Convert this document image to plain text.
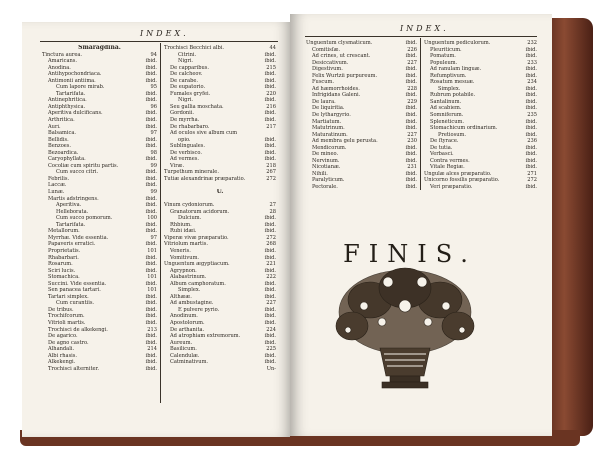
INDEX.
Smaragdina.
Tinctura aurea.	94
Amaricans.	ibid.
Anodina.	ibid.
Antihypochondriaca.	ibid.
Antimonii antiima.	ibid.
Cum lapore mirab.	95
Tartarifata.	ibid.
Antinephritica.	ibid.
Antiphthysica.	96
Aperitiva dulcificans.	ibid.
Arthritica.	ibid.
Aurí.	ibid.
Balsamica.	97
Bellidis.	ibid.
Benzoes.	ibid.
Bezoardica.	98
Caryophyllata.	ibid.
Cocoliæ cum spiritu partis.	99
Cum succo citri.	ibid.
Febrilis.	ibid.
Laccæ.	ibid.
Lunæ.	99
Martis adstringens.	ibid.
Aperitiva.	ibid.
Helleborata.	ibid.
Cum succo pomorum.	100
Tartarifata.	ibid.
Metallorum.	ibid.
Myrrhæ. Vide essentia.	97
Papaveris erratici.	ibid.
Proprietatis.	101
Rhabarbari.	ibid.
Rosarum.	ibid.
Sciri lucis.	ibid.
Stomachica.	101
Succini. Vide essentia.	ibid.
Sen panacea tartari.	101
Tartari simplex.	ibid.
Cum curantiis.	ibid.
De tribus.	ibid.
Trochifcorum.	ibid.
Vitrioli martis.	ibid.
Trochisci de alkekengi.	213
De agarico.	ibid.
De agno castro.	ibid.
Alhandali.	214
Albi rhasis.	ibid.
Alkekengi.	ibid.
Trochisci alterniter.	ibid.
Trochisci Becchici albi.	44
Citrini.	ibid.
Nigri.	ibid.
De capparibus.	215
De calcheov.	ibid.
De carabe.	ibid.
De eupatorio.	ibid.
Fumales gryfei.	220
Nigri.	ibid.
Seu gallia moschata.	216
Gordonii.	ibid.
De myrrha.	ibid.
De rhabarbaro.	217
Ad oculos sive album cum
opio.	ibid.
Sublinguales.	ibid.
De verbisco.	ibid.
Ad vermes.	ibid.
Viræ.	218
Turpethum minerale.	267
Tutiæ alexandrinæ præparatio.	272
U.
Vinum cydoniorum.	27
Granatorum acidorum.	28
Dulcium.	ibid.
Rhbium.	ibid.
Rubi idæi.	ibid.
Viperæ vivæ præparatio.	272
Vitriolum martis.	268
Veneris.	ibid.
Vomitivum.	ibid.
Unguentum ægyptiacum.	221
Agrypnon.	ibid.
Alabastrinum.	222
Album camphoratum.	ibid.
Simplex.	ibid.
Althææ.	ibid.
Ad ambustagine.	227
E pulvere pyrio.	ibid.
Anodinum.	ibid.
Apostolorum.	ibid.
De arthanita.	224
Ad atrophiam extremorum.	ibid.
Aureum.	ibid.
Basilicum.	225
Calendulæ.	ibid.
Catminativum.	ibid.
Un-
INDEX.
Unguentum clysmaticum.	ibid.
Comitisſæ.	226
Ad crines, ut crescant.	ibid.
Desiccativum.	227
Digestivum.	ibid.
Felix Wurtzii purpureum.	ibid.
Fuscum.	ibid.
Ad hæmorrhoides.	228
Infrigidans Galeni.	ibid.
De laura.	229
De liquiritia.	ibid.
De lythargyrio.	ibid.
Martiatum.	ibid.
Matutrinum.	ibid.
Maturatinum.	227
Ad membra gelu perusta.	230
Mendicorum.	ibid.
De mineo.	ibid.
Nervinum.	ibid.
Nicotianæ.	231
Nihili.	ibid.
Paralyticum.	ibid.
Pectorale.	ibid.
Unguentum pediculorum.	232
Pleuriticum.	ibid.
Pomatum.	ibid.
Populeum.	233
Ad ranulam linguæ.	ibid.
Refumptivum.	ibid.
Rosatum mesuæ.	234
Simplex.	ibid.
Rubrum potabile.	ibid.
Santalinum.	ibid.
Ad scabiem.	ibid.
Somniferum.	235
Splenèticum.	ibid.
Stomachicum ordinarium.	ibid.
Pretiosum.	ibid.
De ſtyrace.	236
De tutia.	ibid.
Verbasci.	ibid.
Contra vermes.	ibid.
Vitale Regiæ.	ibid.
Ungulæ alces præparatio.	271
Unicorno fossilis præparatio.	272
Veri præparatio.	ibid.
FINIS.
